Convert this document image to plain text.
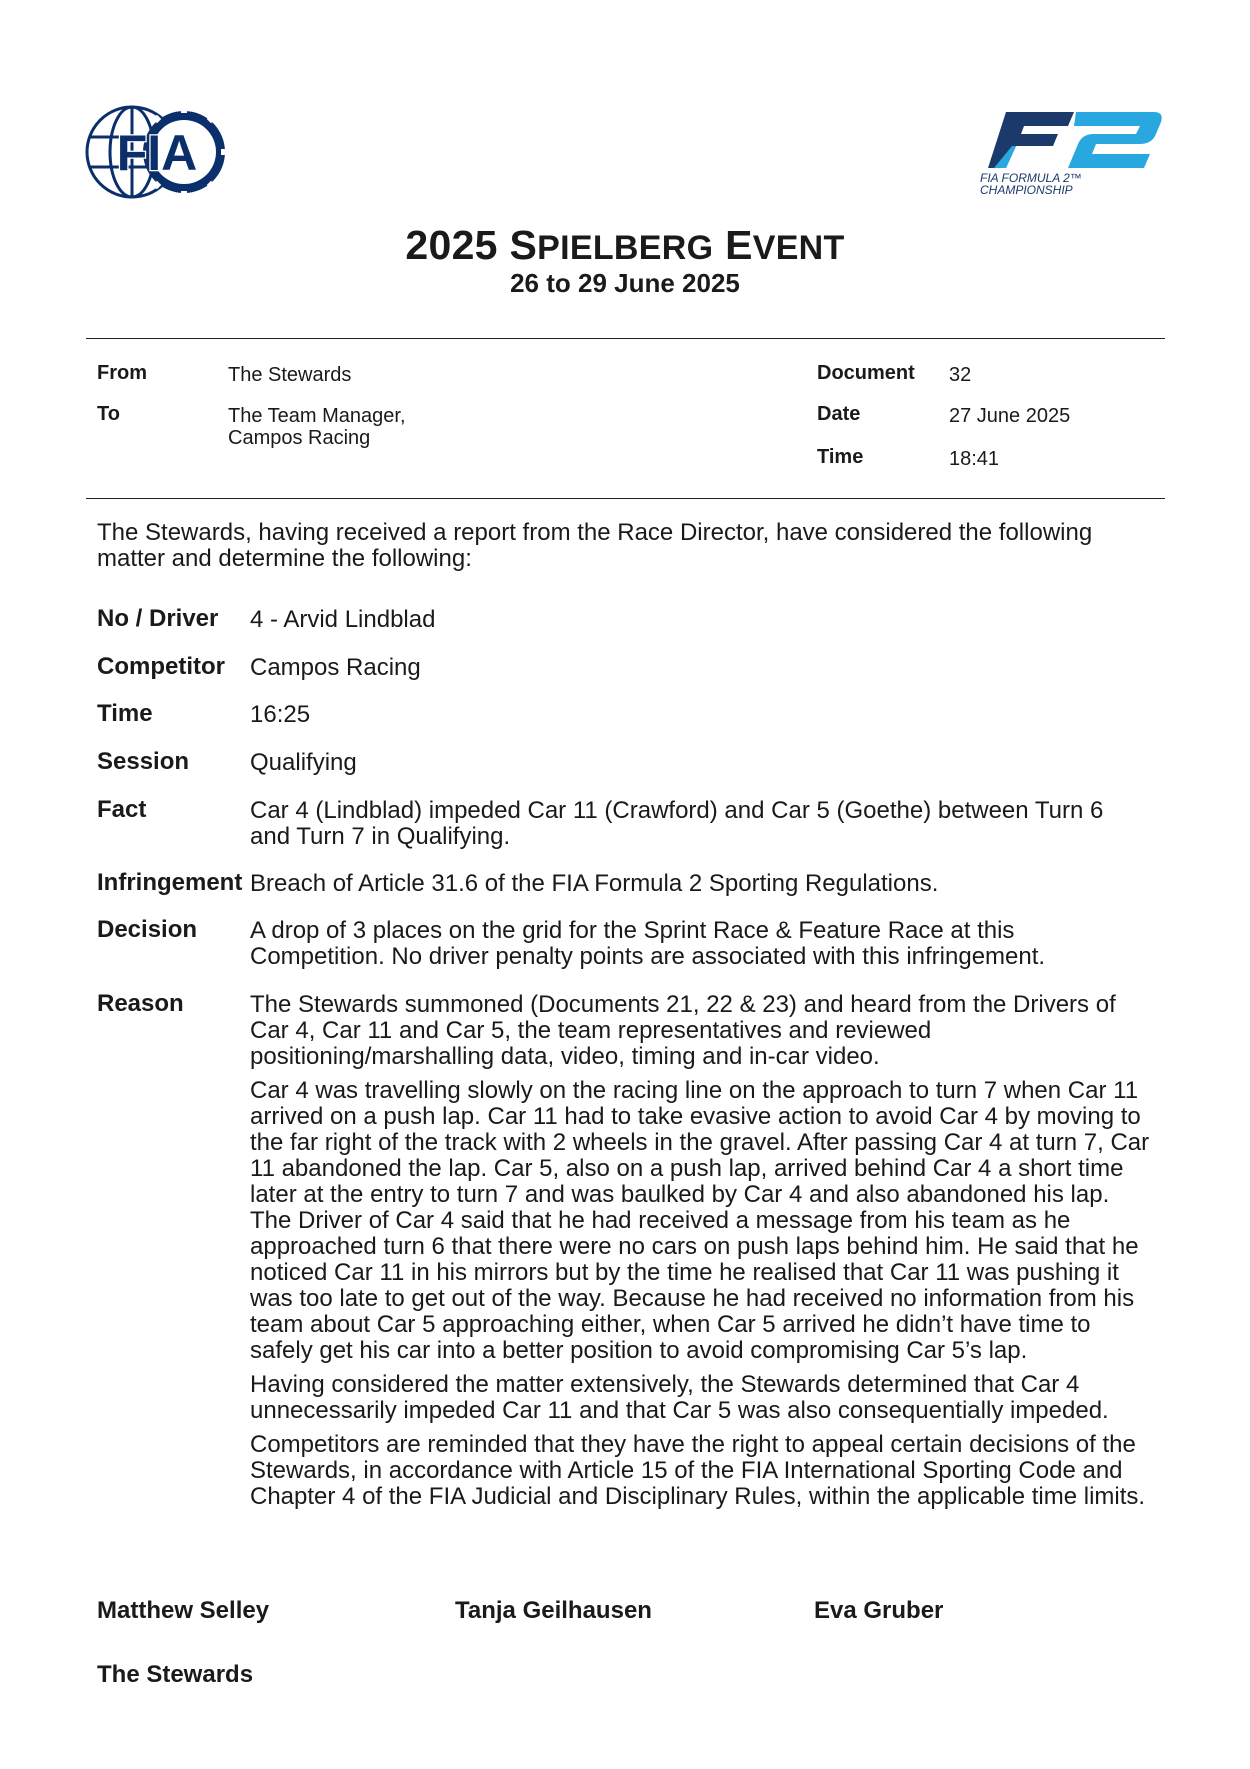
FIA	FIA FORMULA 2™
CHAMPIONSHIP
2025 SPIELBERG EVENT
26 to 29 June 2025
From	The Stewards
To	The Team Manager,
Campos Racing
Document 32
Date	27 June 2025
Time	18:41
The Stewards, having received a report from the Race Director, have considered the following matter and determine the following:
No / Driver 4 - Arvid Lindblad
Competitor Campos Racing
Time	16:25
Session	Qualifying
Fact	Car 4 (Lindblad) impeded Car 11 (Crawford) and Car 5 (Goethe) between Turn 6 and Turn 7 in Qualifying.
Infringement Breach of Article 31.6 of the FIA Formula 2 Sporting Regulations.
Decision A drop of 3 places on the grid for the Sprint Race & Feature Race at this Competition. No driver penalty points are associated with this infringement.
Reason	The Stewards summoned (Documents 21, 22 & 23) and heard from the Drivers of Car 4, Car 11 and Car 5, the team representatives and reviewed positioning/marshalling data, video, timing and in-car video.

Car 4 was travelling slowly on the racing line on the approach to turn 7 when Car 11 arrived on a push lap. Car 11 had to take evasive action to avoid Car 4 by moving to the far right of the track with 2 wheels in the gravel. After passing Car 4 at turn 7, Car 11 abandoned the lap. Car 5, also on a push lap, arrived behind Car 4 a short time later at the entry to turn 7 and was baulked by Car 4 and also abandoned his lap. The Driver of Car 4 said that he had received a message from his team as he approached turn 6 that there were no cars on push laps behind him. He said that he noticed Car 11 in his mirrors but by the time he realised that Car 11 was pushing it was too late to get out of the way. Because he had received no information from his team about Car 5 approaching either, when Car 5 arrived he didn’t have time to safely get his car into a better position to avoid compromising Car 5’s lap.

Having considered the matter extensively, the Stewards determined that Car 4 unnecessarily impeded Car 11 and that Car 5 was also consequentially impeded.

Competitors are reminded that they have the right to appeal certain decisions of the Stewards, in accordance with Article 15 of the FIA International Sporting Code and Chapter 4 of the FIA Judicial and Disciplinary Rules, within the applicable time limits.

Matthew Selley	Tanja Geilhausen	Eva Gruber
The Stewards
